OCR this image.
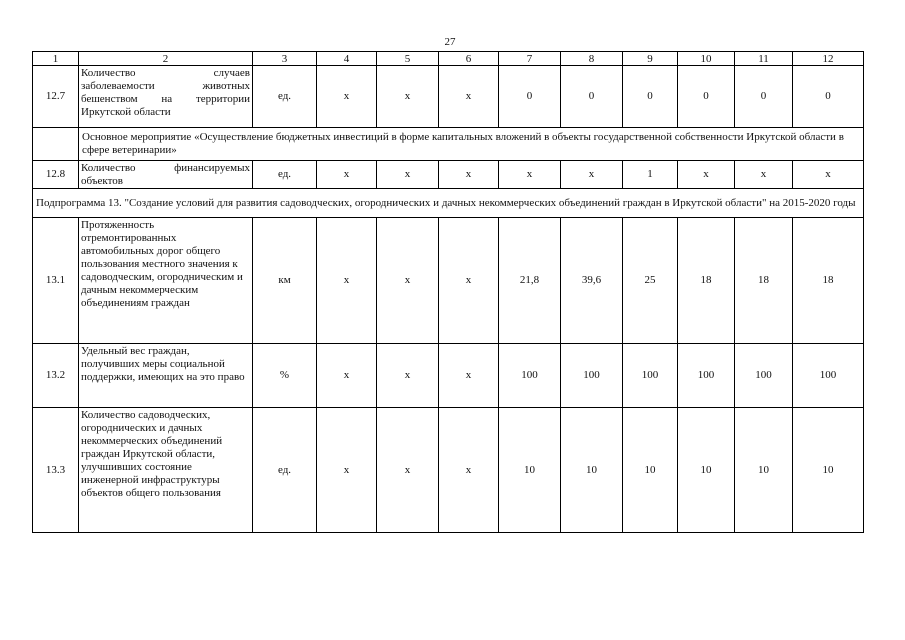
27
1	2	3	4	5	6	7	8	9	10	11	12
12.7	Количество случаев заболеваемости животных бешенством на территории Иркутской области	ед.	х	х	х	0	0	0	0	0	0
	Основное мероприятие «Осуществление бюджетных инвестиций в форме капитальных вложений в объекты государственной собственности Иркутской области в сфере ветеринарии»										
12.8	Количество финансируемых объектов	ед.	х	х	х	х	х	1	х	х	х
Подпрограмма 13. "Создание условий для развития садоводческих, огороднических и дачных некоммерческих объединений граждан в Иркутской области" на 2015-2020 годы											
13.1	Протяженность отремонтированных автомобильных дорог общего пользования местного значения к садоводческим, огородническим и дачным некоммерческим объединениям граждан	км	х	х	х	21,8	39,6	25	18	18	18
13.2	Удельный вес граждан, получивших меры социальной поддержки, имеющих на это право	%	х	х	х	100	100	100	100	100	100
13.3	Количество садоводческих, огороднических и дачных некоммерческих объединений граждан Иркутской области, улучшивших состояние инженерной инфраструктуры объектов общего пользования	ед.	х	х	х	10	10	10	10	10	10
